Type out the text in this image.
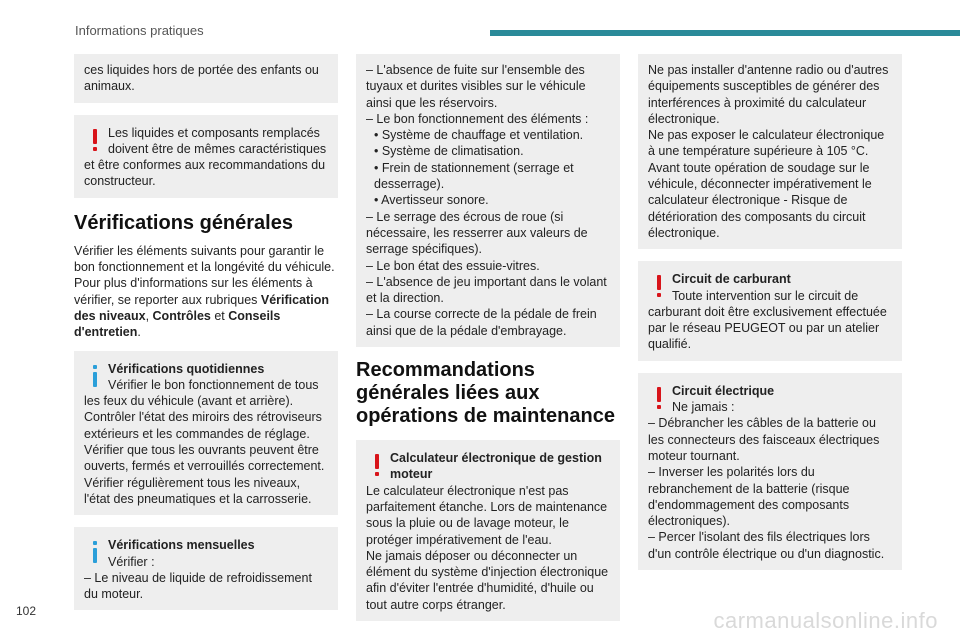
Informations pratiques

ces liquides hors de portée des enfants ou animaux.

Les liquides et composants remplacés
doivent être de mêmes caractéristiques
et être conformes aux recommandations du constructeur.
Vérifications générales
Vérifier les éléments suivants pour garantir le bon fonctionnement et la longévité du véhicule. Pour plus d'informations sur les éléments à vérifier, se reporter aux rubriques Vérification des niveaux, Contrôles et Conseils d'entretien.
Vérifications quotidiennes
Vérifier le bon fonctionnement de tous
les feux du véhicule (avant et arrière). Contrôler l'état des miroirs des rétroviseurs extérieurs et les commandes de réglage. Vérifier que tous les ouvrants peuvent être ouverts, fermés et verrouillés correctement. Vérifier régulièrement tous les niveaux, l'état des pneumatiques et la carrosserie.
Vérifications mensuelles
Vérifier :
– Le niveau de liquide de refroidissement du moteur.
– L'absence de fuite sur l'ensemble des tuyaux et durites visibles sur le véhicule ainsi que les réservoirs.
– Le bon fonctionnement des éléments :
• Système de chauffage et ventilation.
• Système de climatisation.
• Frein de stationnement (serrage et desserrage).
• Avertisseur sonore.
– Le serrage des écrous de roue (si nécessaire, les resserrer aux valeurs de serrage spécifiques).
– Le bon état des essuie-vitres.
– L'absence de jeu important dans le volant et la direction.
– La course correcte de la pédale de frein ainsi que de la pédale d'embrayage.
Recommandations générales liées aux opérations de maintenance
Calculateur électronique de gestion moteur
Le calculateur électronique n'est pas parfaitement étanche. Lors de maintenance sous la pluie ou de lavage moteur, le protéger impérativement de l'eau.
Ne jamais déposer ou déconnecter un élément du système d'injection électronique afin d'éviter l'entrée d'humidité, d'huile ou tout autre corps étranger.
Ne pas installer d'antenne radio ou d'autres équipements susceptibles de générer des interférences à proximité du calculateur électronique.
Ne pas exposer le calculateur électronique à une température supérieure à 105 °C.
Avant toute opération de soudage sur le véhicule, déconnecter impérativement le calculateur électronique - Risque de détérioration des composants du circuit électronique.
Circuit de carburant
Toute intervention sur le circuit de
carburant doit être exclusivement effectuée par le réseau PEUGEOT ou par un atelier qualifié.
Circuit électrique
Ne jamais :
– Débrancher les câbles de la batterie ou les connecteurs des faisceaux électriques moteur tournant.
– Inverser les polarités lors du rebranchement de la batterie (risque d'endommagement des composants électroniques).
– Percer l'isolant des fils électriques lors d'un contrôle électrique ou d'un diagnostic.
102	carmanualsonline.info
